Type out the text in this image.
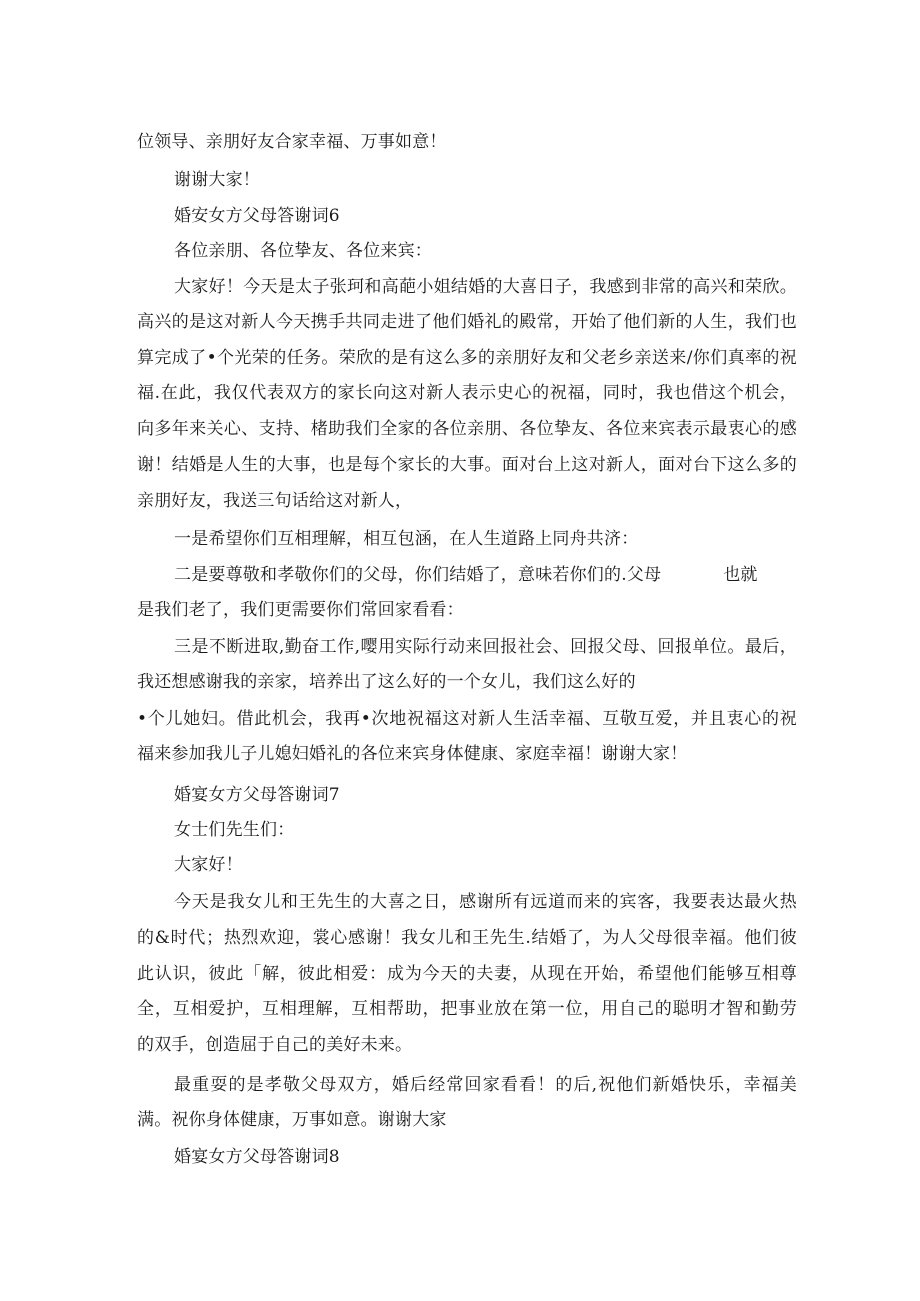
位领导、亲朋好友合家幸福、万事如意！
谢谢大家！
婚安女方父母答谢词6
各位亲朋、各位挚友、各位来宾：
大家好！今天是太子张珂和高葩小姐结婚的大喜日子，我感到非常的高兴和荣欣。
高兴的是这对新人今天携手共同走进了他们婚礼的殿常，开始了他们新的人生，我们也
算完成了•个光荣的任务。荣欣的是有这么多的亲朋好友和父老乡亲送来/你们真率的祝
福.在此，我仅代表双方的家长向这对新人表示史心的祝福，同时，我也借这个机会，
向多年来关心、支持、楮助我们全家的各位亲朋、各位挚友、各位来宾表示最衷心的感
谢！结婚是人生的大事，也是每个家长的大事。面对台上这对新人，面对台下这么多的
亲朋好友，我送三句话给这对新人，
一是希望你们互相理解，相互包涵，在人生道路上同舟共济：
二是要尊敬和孝敬你们的父母，你们结婚了，意味若你们的.父母	也就
是我们老了，我们更需要你们常回家看看：
三是不断进取,勤奋工作,嘤用实际行动来回报社会、回报父母、回报单位。最后，
我还想感谢我的亲家，培养出了这么好的一个女儿，我们这么好的
•个儿她妇。借此机会，我再•次地祝福这对新人生活幸福、互敬互爱，并且衷心的祝
福来参加我儿子儿媳妇婚礼的各位来宾身体健康、家庭幸福！谢谢大家！
婚宴女方父母答谢词7
女士们先生们：
大家好！
今天是我女儿和王先生的大喜之日，感谢所有远道而来的宾客，我要表达最火热
的&时代；热烈欢迎，裳心感谢！我女儿和王先生.结婚了，为人父母很幸福。他们彼
此认识，彼此「解，彼此相爱：成为今天的夫妻，从现在开始，希望他们能够互相尊
全，互相爱护，互相理解，互相帮助，把事业放在第一位，用自己的聪明才智和勤劳
的双手，创造屈于自己的美好未来。
最重耍的是孝敬父母双方，婚后经常回家看看！的后,祝他们新婚快乐，幸福美
满。祝你身体健康，万事如意。谢谢大家
婚宴女方父母答谢词8
